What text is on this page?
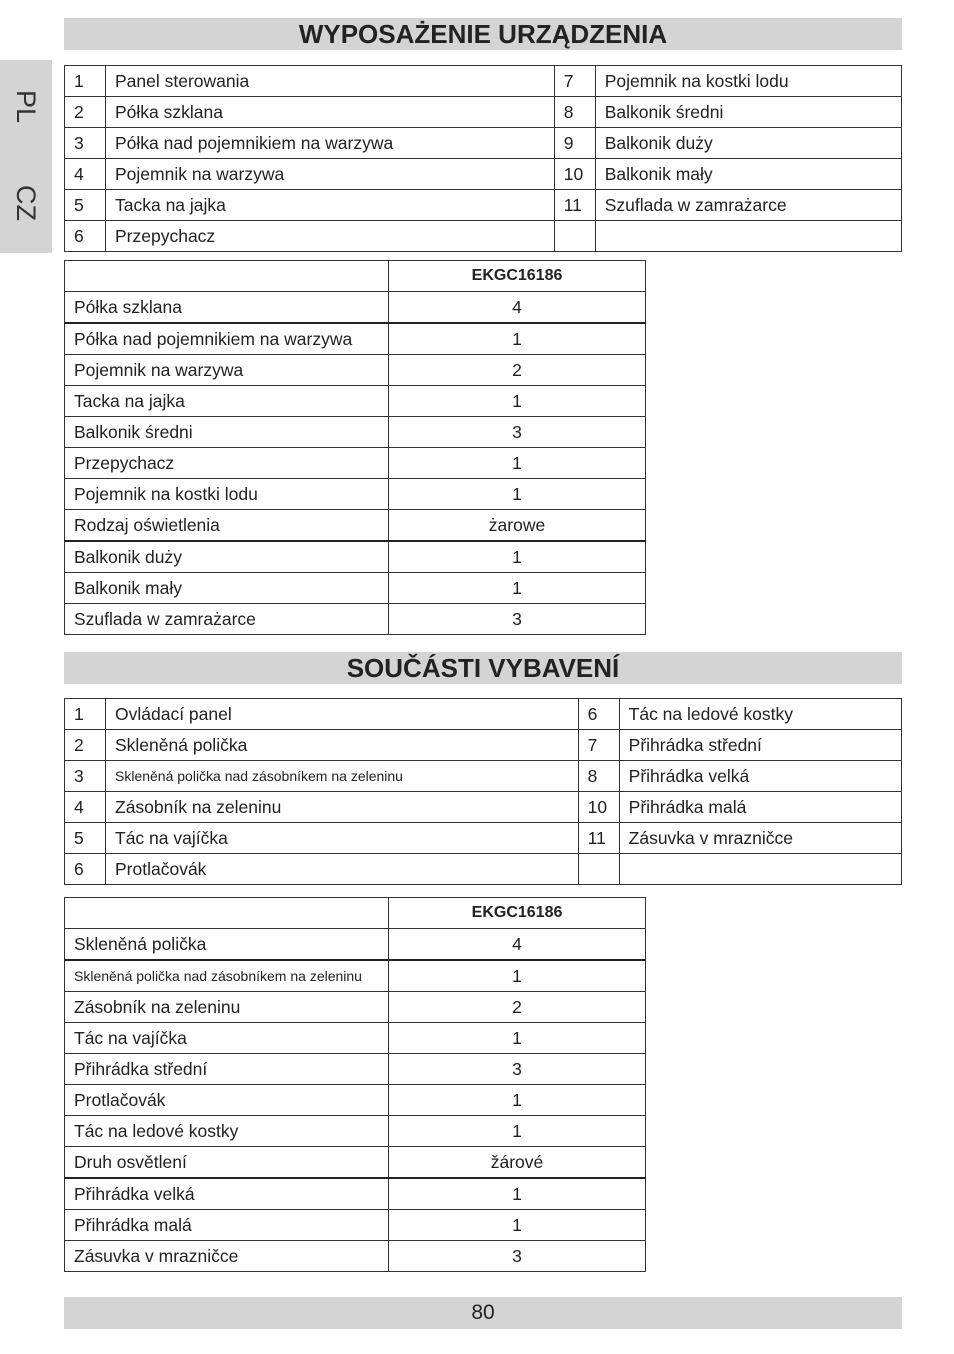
PL
CZ
WYPOSAŻENIE URZĄDZENIA
1	Panel sterowania	7	Pojemnik na kostki lodu
2	Półka szklana	8	Balkonik średni
3	Półka nad pojemnikiem na warzywa	9	Balkonik duży
4	Pojemnik na warzywa	10	Balkonik mały
5	Tacka na jajka	11	Szuflada w zamrażarce
6	Przepychacz		
	EKGC16186
Półka szklana	4
Półka nad pojemnikiem na warzywa	1
Pojemnik na warzywa	2
Tacka na jajka	1
Balkonik średni	3
Przepychacz	1
Pojemnik na kostki lodu	1
Rodzaj oświetlenia	żarowe
Balkonik duży	1
Balkonik mały	1
Szuflada w zamrażarce	3
SOUČÁSTI VYBAVENÍ
1	Ovládací panel	6	Tác na ledové kostky
2	Skleněná polička	7	Přihrádka střední
3	Skleněná polička nad zásobníkem na zeleninu	8	Přihrádka velká
4	Zásobník na zeleninu	10	Přihrádka malá
5	Tác na vajíčka	11	Zásuvka v mrazničce
6	Protlačovák		
	EKGC16186
Skleněná polička	4
Skleněná polička nad zásobníkem na zeleninu	1
Zásobník na zeleninu	2
Tác na vajíčka	1
Přihrádka střední	3
Protlačovák	1
Tác na ledové kostky	1
Druh osvětlení	žárové
Přihrádka velká	1
Přihrádka malá	1
Zásuvka v mrazničce	3
80
